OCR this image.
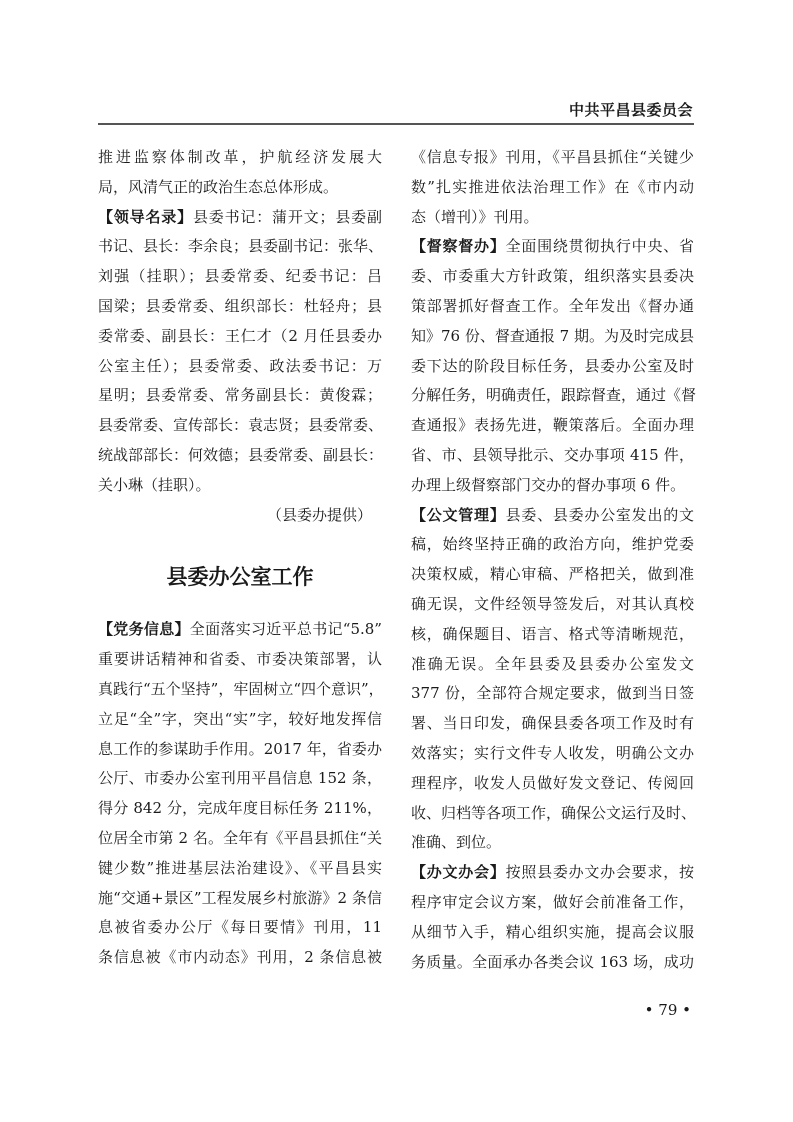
中共平昌县委员会
推进监察体制改革，护航经济发展大
局，风清气正的政治生态总体形成。
【领导名录】县委书记：蒲开文；县委副
书记、县长：李余良；县委副书记：张华、
刘强（挂职）；县委常委、纪委书记：吕
国梁；县委常委、组织部长：杜轻舟；县
委常委、副县长：王仁才（2 月任县委办
公室主任）；县委常委、政法委书记：万
星明；县委常委、常务副县长：黄俊霖；
县委常委、宣传部长：袁志贤；县委常委、
统战部部长：何效德；县委常委、副县长：
关小琳（挂职）。
（县委办提供）
县委办公室工作
【党务信息】全面落实习近平总书记“5.8”
重要讲话精神和省委、市委决策部署，认
真践行“五个坚持”，牢固树立“四个意识”，
立足“全”字，突出“实”字，较好地发挥信
息工作的参谋助手作用。2017 年，省委办
公厅、市委办公室刊用平昌信息 152 条，
得分 842 分，完成年度目标任务 211%，
位居全市第 2 名。全年有《平昌县抓住“关
键少数”推进基层法治建设》、《平昌县实
施“交通+景区”工程发展乡村旅游》2 条信
息被省委办公厅《每日要情》刊用，11
条信息被《市内动态》刊用，2 条信息被
《信息专报》刊用，《平昌县抓住“关键少
数”扎实推进依法治理工作》在《市内动
态（增刊）》刊用。
【督察督办】全面围绕贯彻执行中央、省
委、市委重大方针政策，组织落实县委决
策部署抓好督查工作。全年发出《督办通
知》76 份、督查通报 7 期。为及时完成县
委下达的阶段目标任务，县委办公室及时
分解任务，明确责任，跟踪督查，通过《督
查通报》表扬先进，鞭策落后。全面办理
省、市、县领导批示、交办事项 415 件，
办理上级督察部门交办的督办事项 6 件。
【公文管理】县委、县委办公室发出的文
稿，始终坚持正确的政治方向，维护党委
决策权威，精心审稿、严格把关，做到准
确无误，文件经领导签发后，对其认真校
核，确保题目、语言、格式等清晰规范，
准确无误。全年县委及县委办公室发文
377 份，全部符合规定要求，做到当日签
署、当日印发，确保县委各项工作及时有
效落实；实行文件专人收发，明确公文办
理程序，收发人员做好发文登记、传阅回
收、归档等各项工作，确保公文运行及时、
准确、到位。
【办文办会】按照县委办文办会要求，按
程序审定会议方案，做好会前准备工作，
从细节入手，精心组织实施，提高会议服
务质量。全面承办各类会议 163 场，成功
• 79 •
